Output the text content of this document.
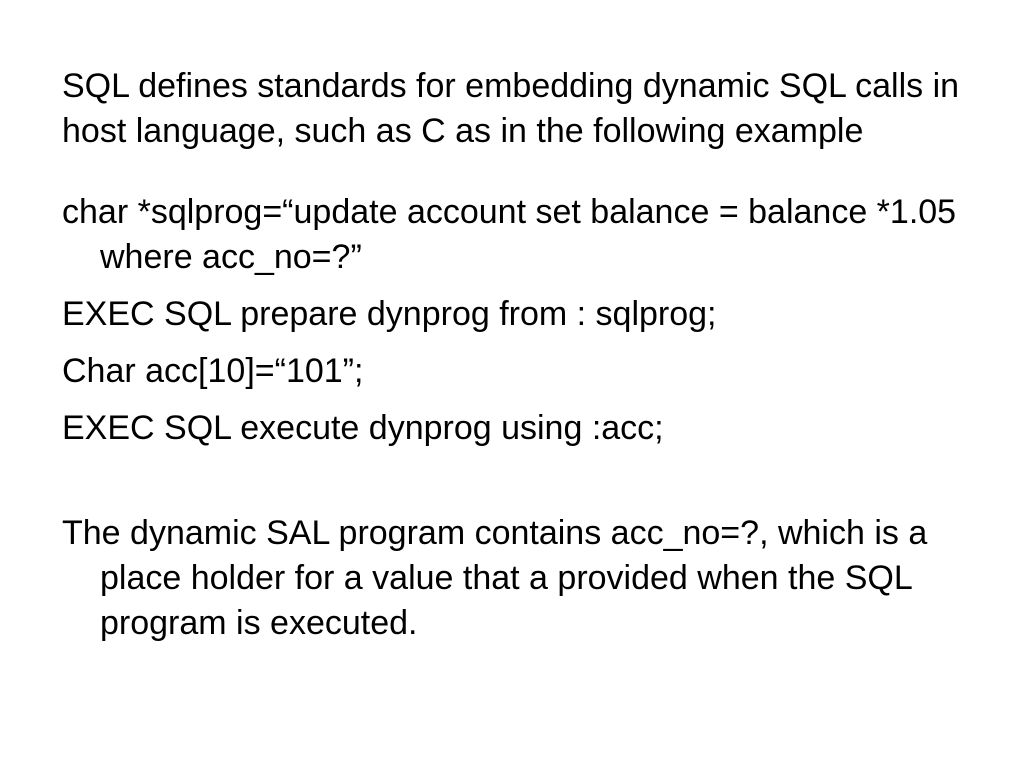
SQL defines standards for embedding dynamic SQL calls in host language, such as C as in the following example

char *sqlprog=“update account set balance = balance *1.05 where acc_no=?”

EXEC SQL prepare dynprog from : sqlprog;

Char acc[10]=“101”;

EXEC SQL execute dynprog using :acc;

The dynamic SAL program contains acc_no=?, which is a place holder for a value that a provided when the SQL program is executed.
